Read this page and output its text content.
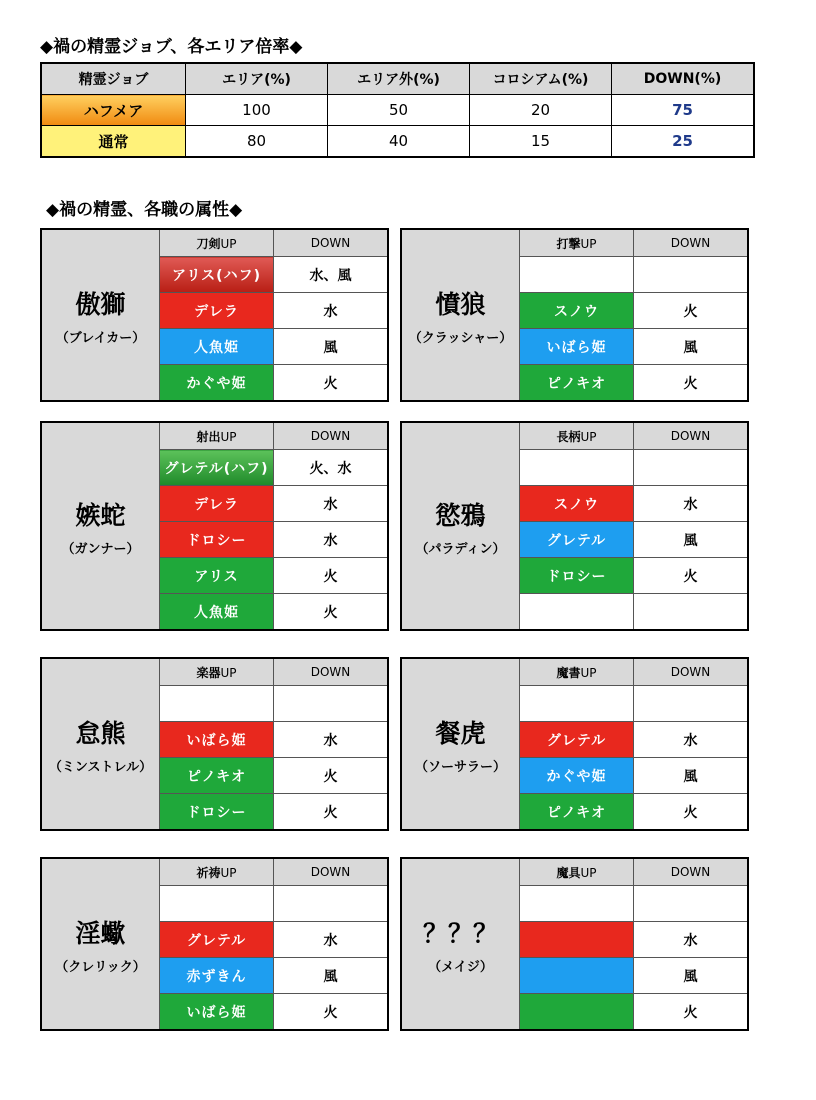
◆禍の精霊ジョブ、各エリア倍率◆
精霊ジョブ	エリア(%)	エリア外(%)	コロシアム(%)	DOWN(%)
ハフメア	100	50	20	75
通常	80	40	15	25
◆禍の精霊、各職の属性◆
傲獅
（ブレイカー）	刀剣UP	DOWN
	アリス(ハフ)	水、風
	デレラ	水
	人魚姫	風
	かぐや姫	火
憤狼
（クラッシャー）	打撃UP	DOWN

	スノウ	火
	いばら姫	風
	ピノキオ	火
嫉蛇
（ガンナー）	射出UP	DOWN
	グレテル(ハフ)	火、水
	デレラ	水
	ドロシー	水
	アリス	火
	人魚姫	火
慾鴉
（パラディン）	長柄UP	DOWN

	スノウ	水
	グレテル	風
	ドロシー	火

怠熊
（ミンストレル）	楽器UP	DOWN

	いばら姫	水
	ピノキオ	火
	ドロシー	火
餐虎
（ソーサラー）	魔書UP	DOWN

	グレテル	水
	かぐや姫	風
	ピノキオ	火
淫蠍
（クレリック）	祈祷UP	DOWN

	グレテル	水
	赤ずきん	風
	いばら姫	火
？？？
（メイジ）	魔具UP	DOWN

		水
		風
		火
